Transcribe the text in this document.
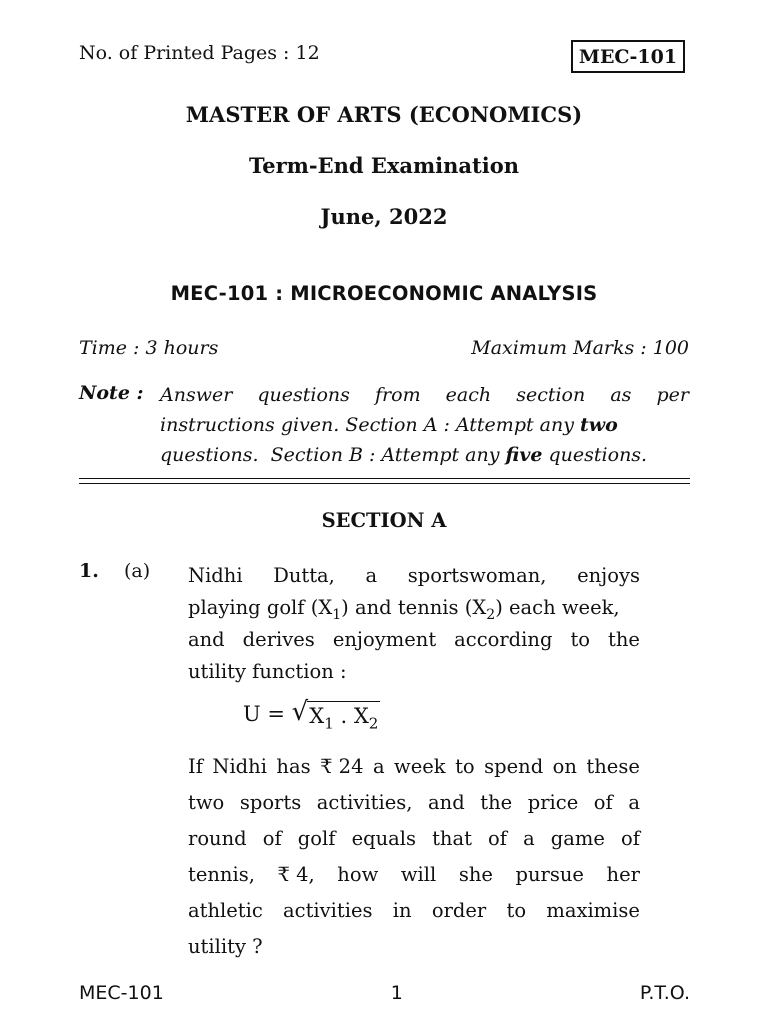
No. of Printed Pages : 12	MEC-101
MASTER OF ARTS (ECONOMICS)
Term-End Examination
June, 2022
MEC-101 : MICROECONOMIC ANALYSIS
Time : 3 hours	Maximum Marks : 100
Note : Answer questions from each section as per
instructions given. Section A : Attempt any two
questions.  Section B : Attempt any five questions.
SECTION A
1. (a) Nidhi Dutta, a sportswoman, enjoys
playing golf $(X_1)$ and tennis $(X_2)$ each week,
and derives enjoyment according to the
utility function :
U = √ $X_1$ . $X_2$
If Nidhi has ₹ 24 a week to spend on these
two sports activities, and the price of a
round of golf equals that of a game of
tennis, ₹ 4, how will she pursue her
athletic activities in order to maximise
utility ?
MEC-101	1	P.T.O.
